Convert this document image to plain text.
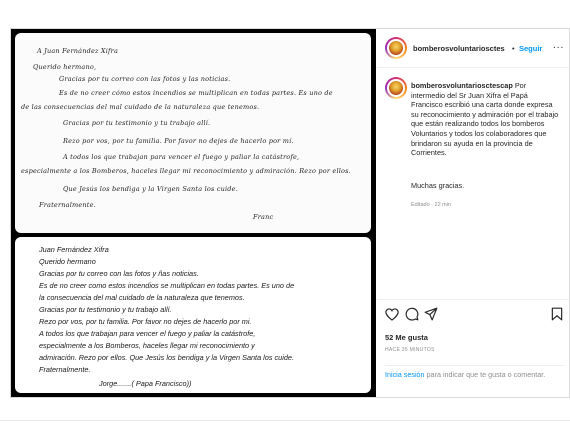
A Juan Fernández Xifra
Querido hermano,
Gracias por tu correo con las fotos y las noticias.
Es de no creer cómo estos incendios se multiplican en todas partes. Es uno de
de las consecuencias del mal cuidado de la naturaleza que tenemos.
Gracias por tu testimonio y tu trabajo allí.
Rezo por vos, por tu familia. Por favor no dejes de hacerlo por mí.
A todos los que trabajan para vencer el fuego y paliar la catástrofe,
especialmente a los Bomberos, haceles llegar mi reconocimiento y admiración. Rezo por ellos.
Que Jesús los bendiga y la Virgen Santa los cuide.
Fraternalmente.
Franc
Juan Fernández Xifra
Querido hermano
Gracias por tu correo con las fotos y ñas noticias.
Es de no creer como estos incendios se multiplican en todas partes. Es uno de
la consecuencia del mal cuidado de la naturaleza que tenemos.
Gracias por tu testimonio y tu trabajo allí.
Rezo por vos, por tu familia. Por favor no dejes de hacerlo por mi.
A todos los que trabajan para vencer el fuego y paliar la catástrofe,
especialmente a los Bomberos, haceles llegar mi reconocimiento y
admiración. Rezo por ellos. Que Jesús los bendiga y la Virgen Santa los cuide.
Fraternalmente.
Jorge.......( Papa Francisco))
bomberosvoluntariosctes • Seguir ...
bomberosvoluntariosctescap Por intermedio del Sr Juan Xifra el Papá Francisco escribió una carta donde expresa su reconocimiento y admiración por el trabajo que están realizando todos los bomberos Voluntarios y todos los colaboradores que brindaron su ayuda en la provincia de Corrientes.
Muchas gracias.
Editado · 22 min
52 Me gusta
HACE 35 MINUTOS
Inicia sesión para indicar que te gusta o comentar.
